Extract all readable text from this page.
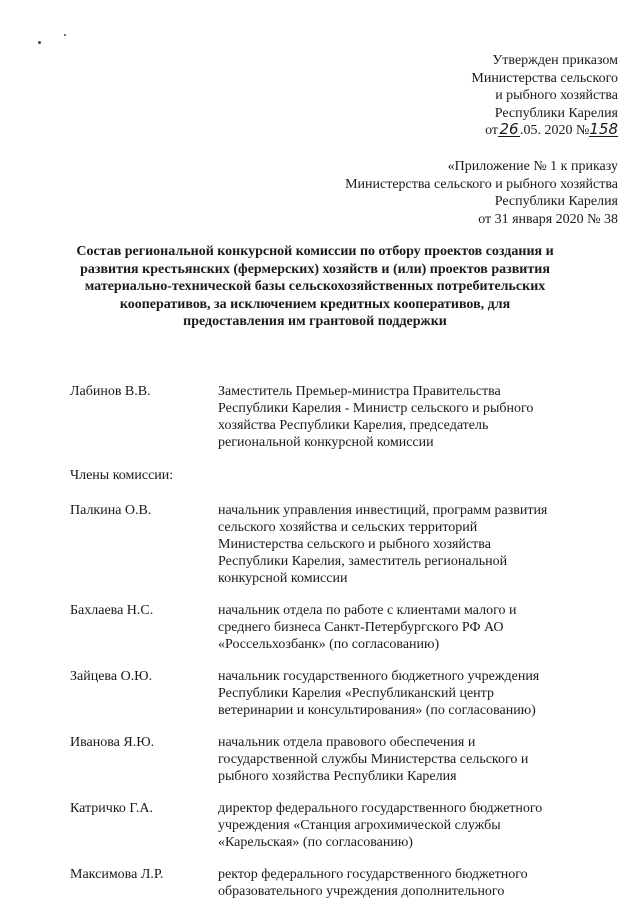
Утвержден приказом
Министерства сельского
и рыбного хозяйства
Республики Карелия
от26.05. 2020 №158
«Приложение № 1 к приказу
Министерства сельского и рыбного хозяйства
Республики Карелия
от 31 января 2020 № 38
Состав региональной конкурсной комиссии по отбору проектов создания и развития крестьянских (фермерских) хозяйств и (или) проектов развития материально-технической базы сельскохозяйственных потребительских кооперативов, за исключением кредитных кооперативов, для предоставления им грантовой поддержки
Лабинов В.В.	Заместитель Премьер-министра Правительства
Республики Карелия - Министр сельского и рыбного
хозяйства Республики Карелия, председатель
региональной конкурсной комиссии
Члены комиссии:
Палкина О.В.	начальник управления инвестиций, программ развития
сельского хозяйства и сельских территорий
Министерства сельского и рыбного хозяйства
Республики Карелия, заместитель региональной
конкурсной комиссии
Бахлаева Н.С.	начальник отдела по работе с клиентами малого и
среднего бизнеса Санкт-Петербургского РФ АО
«Россельхозбанк» (по согласованию)
Зайцева О.Ю.	начальник государственного бюджетного учреждения
Республики Карелия «Республиканский центр
ветеринарии и консультирования» (по согласованию)
Иванова Я.Ю.	начальник отдела правового обеспечения и
государственной службы Министерства сельского и
рыбного хозяйства Республики Карелия
Катричко Г.А.	директор федерального государственного бюджетного
учреждения «Станция агрохимической службы
«Карельская» (по согласованию)
Максимова Л.Р.	ректор федерального государственного бюджетного
образовательного учреждения дополнительного
